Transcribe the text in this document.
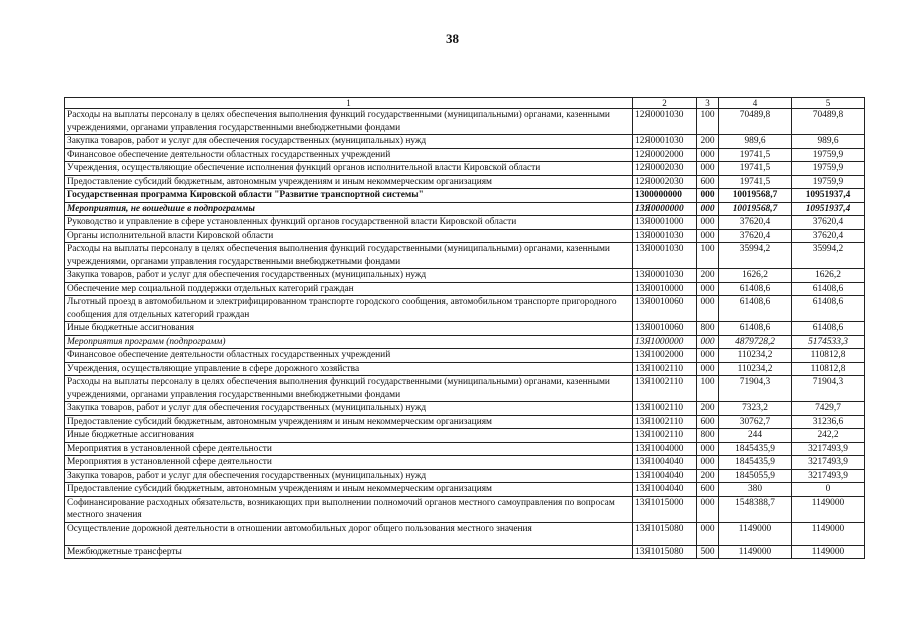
38
1	2	3	4	5
Расходы на выплаты персоналу в целях обеспечения выполнения функций государственными (муниципальными) органами, казенными учреждениями, органами управления государственными внебюджетными фондами	12Я0001030	100	70489,8	70489,8
Закупка товаров, работ и услуг для обеспечения государственных (муниципальных) нужд	12Я0001030	200	989,6	989,6
Финансовое обеспечение деятельности областных государственных учреждений	12Я0002000	000	19741,5	19759,9
Учреждения, осуществляющие обеспечение исполнения функций органов исполнительной власти Кировской области	12Я0002030	000	19741,5	19759,9
Предоставление субсидий бюджетным, автономным учреждениям и иным некоммерческим организациям	12Я0002030	600	19741,5	19759,9
Государственная программа Кировской области "Развитие транспортной системы"	1300000000	000	10019568,7	10951937,4
Мероприятия, не вошедшие в подпрограммы	13Я0000000	000	10019568,7	10951937,4
Руководство и управление в сфере установленных функций органов государственной власти Кировской области	13Я0001000	000	37620,4	37620,4
Органы исполнительной власти Кировской области	13Я0001030	000	37620,4	37620,4
Расходы на выплаты персоналу в целях обеспечения выполнения функций государственными (муниципальными) органами, казенными учреждениями, органами управления государственными внебюджетными фондами	13Я0001030	100	35994,2	35994,2
Закупка товаров, работ и услуг для обеспечения государственных (муниципальных) нужд	13Я0001030	200	1626,2	1626,2
Обеспечение мер социальной поддержки отдельных категорий граждан	13Я0010000	000	61408,6	61408,6
Льготный проезд в автомобильном и электрифицированном транспорте городского сообщения, автомобильном транспорте пригородного сообщения для отдельных категорий граждан	13Я0010060	000	61408,6	61408,6
Иные бюджетные ассигнования	13Я0010060	800	61408,6	61408,6
Мероприятия программ (подпрограмм)	13Я1000000	000	4879728,2	5174533,3
Финансовое обеспечение деятельности областных государственных учреждений	13Я1002000	000	110234,2	110812,8
Учреждения, осуществляющие управление в сфере дорожного хозяйства	13Я1002110	000	110234,2	110812,8
Расходы на выплаты персоналу в целях обеспечения выполнения функций государственными (муниципальными) органами, казенными учреждениями, органами управления государственными внебюджетными фондами	13Я1002110	100	71904,3	71904,3
Закупка товаров, работ и услуг для обеспечения государственных (муниципальных) нужд	13Я1002110	200	7323,2	7429,7
Предоставление субсидий бюджетным, автономным учреждениям и иным некоммерческим организациям	13Я1002110	600	30762,7	31236,6
Иные бюджетные ассигнования	13Я1002110	800	244	242,2
Мероприятия в установленной сфере деятельности	13Я1004000	000	1845435,9	3217493,9
Мероприятия в установленной сфере деятельности	13Я1004040	000	1845435,9	3217493,9
Закупка товаров, работ и услуг для обеспечения государственных (муниципальных) нужд	13Я1004040	200	1845055,9	3217493,9
Предоставление субсидий бюджетным, автономным учреждениям и иным некоммерческим организациям	13Я1004040	600	380	0
Софинансирование расходных обязательств, возникающих при выполнении полномочий органов местного самоуправления по вопросам местного значения	13Я1015000	000	1548388,7	1149000
Осуществление дорожной деятельности в отношении автомобильных дорог общего пользования местного значения	13Я1015080	000	1149000	1149000
Межбюджетные трансферты	13Я1015080	500	1149000	1149000
